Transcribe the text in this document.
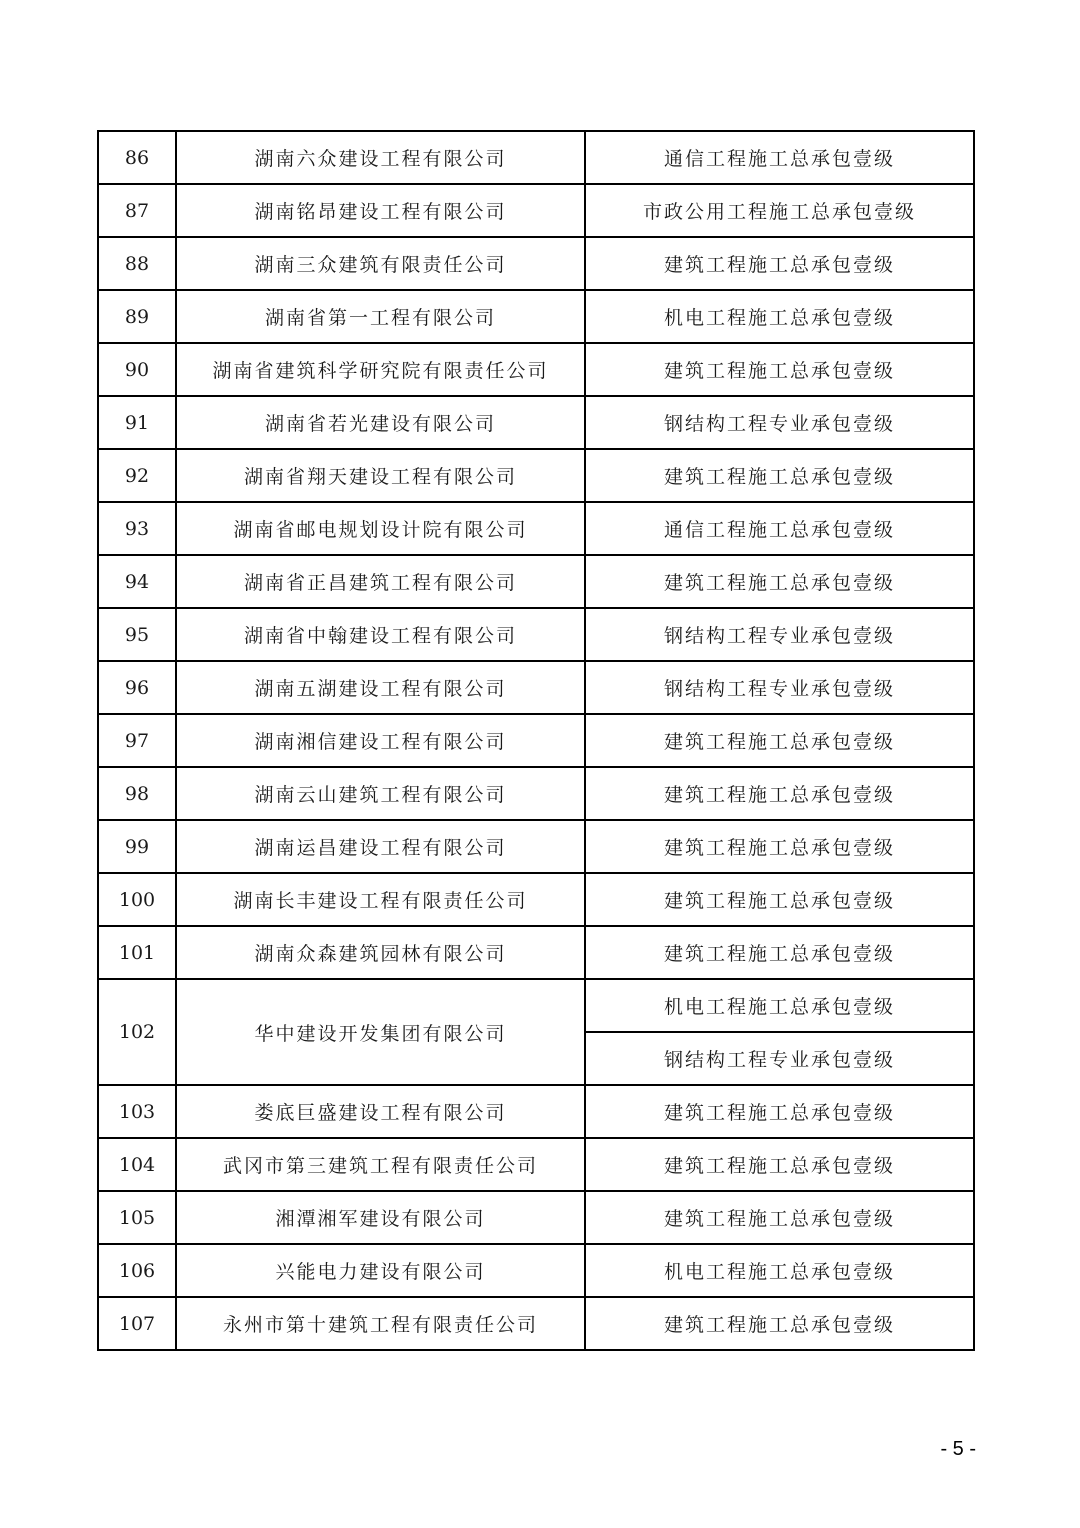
86	湖南六众建设工程有限公司	通信工程施工总承包壹级
87	湖南铭昂建设工程有限公司	市政公用工程施工总承包壹级
88	湖南三众建筑有限责任公司	建筑工程施工总承包壹级
89	湖南省第一工程有限公司	机电工程施工总承包壹级
90	湖南省建筑科学研究院有限责任公司	建筑工程施工总承包壹级
91	湖南省若光建设有限公司	钢结构工程专业承包壹级
92	湖南省翔天建设工程有限公司	建筑工程施工总承包壹级
93	湖南省邮电规划设计院有限公司	通信工程施工总承包壹级
94	湖南省正昌建筑工程有限公司	建筑工程施工总承包壹级
95	湖南省中翰建设工程有限公司	钢结构工程专业承包壹级
96	湖南五湖建设工程有限公司	钢结构工程专业承包壹级
97	湖南湘信建设工程有限公司	建筑工程施工总承包壹级
98	湖南云山建筑工程有限公司	建筑工程施工总承包壹级
99	湖南运昌建设工程有限公司	建筑工程施工总承包壹级
100	湖南长丰建设工程有限责任公司	建筑工程施工总承包壹级
101	湖南众森建筑园林有限公司	建筑工程施工总承包壹级
102	华中建设开发集团有限公司	机电工程施工总承包壹级
		钢结构工程专业承包壹级
103	娄底巨盛建设工程有限公司	建筑工程施工总承包壹级
104	武冈市第三建筑工程有限责任公司	建筑工程施工总承包壹级
105	湘潭湘军建设有限公司	建筑工程施工总承包壹级
106	兴能电力建设有限公司	机电工程施工总承包壹级
107	永州市第十建筑工程有限责任公司	建筑工程施工总承包壹级
- 5 -
